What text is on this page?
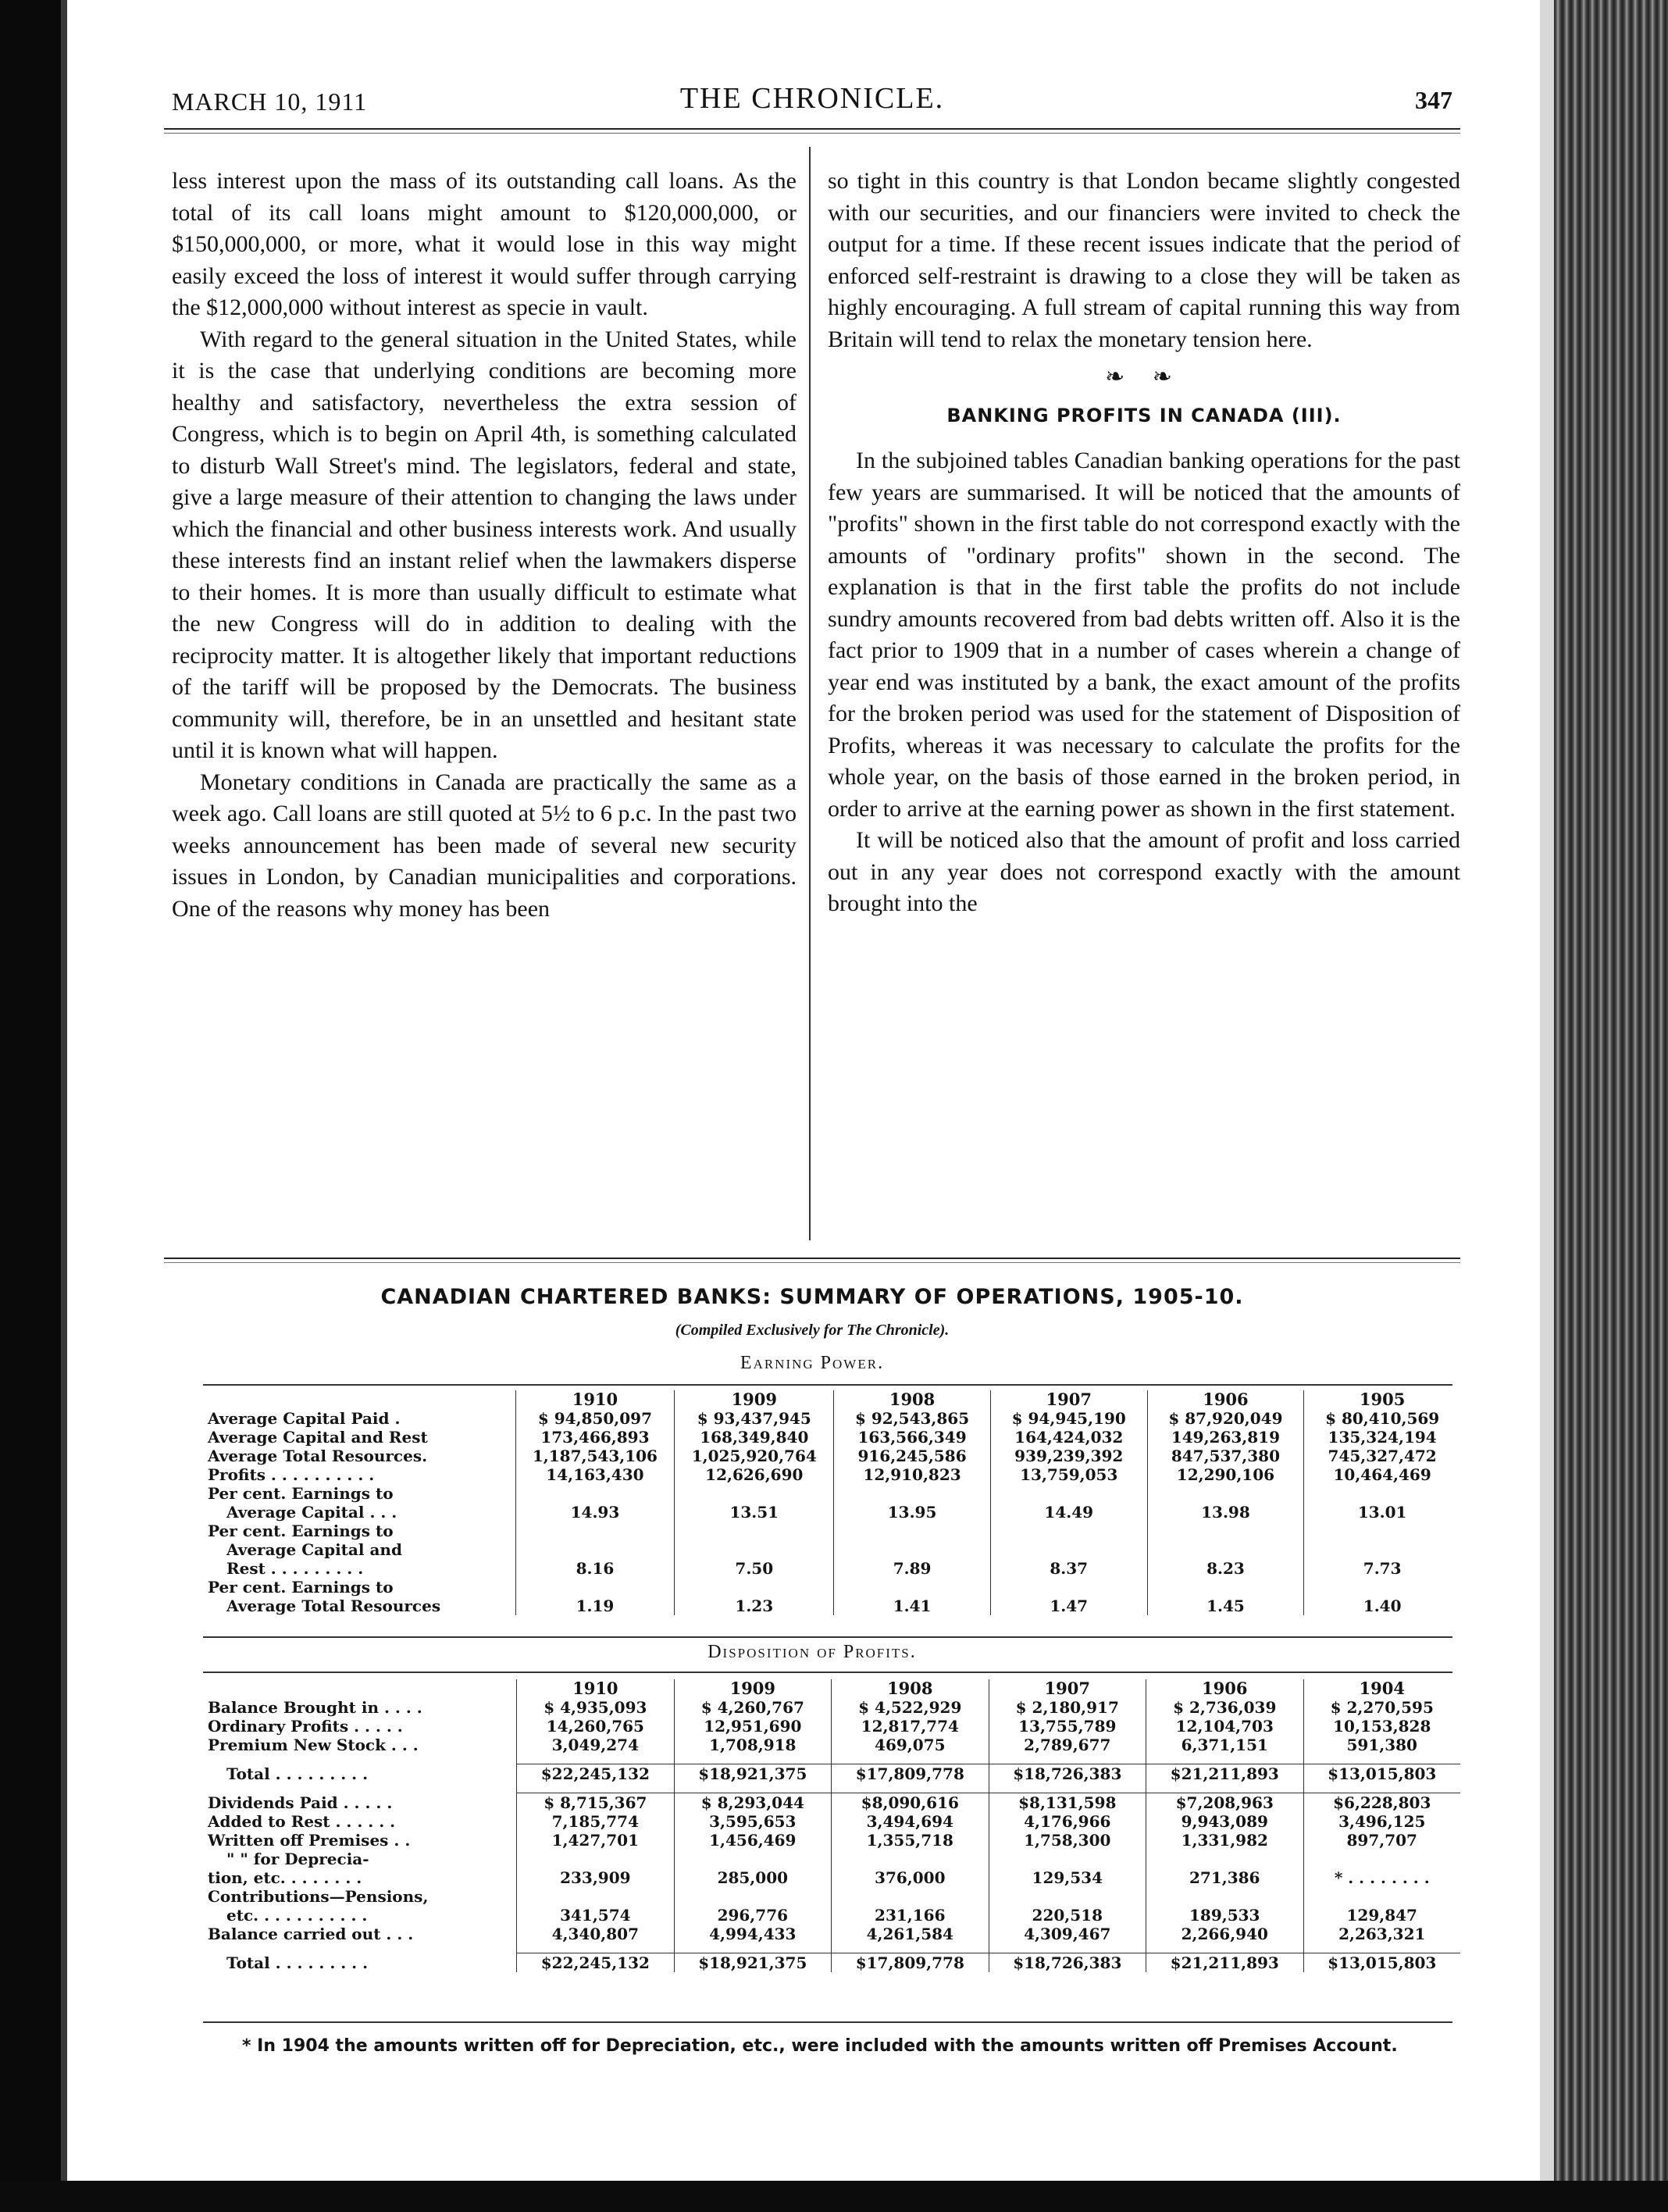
MARCH 10, 1911	THE CHRONICLE.	347

less interest upon the mass of its outstanding call loans. As the total of its call loans might amount to $120,000,000, or $150,000,000, or more, what it would lose in this way might easily exceed the loss of interest it would suffer through carrying the $12,000,000 without interest as specie in vault.

With regard to the general situation in the United States, while it is the case that underlying conditions are becoming more healthy and satisfactory, nevertheless the extra session of Congress, which is to begin on April 4th, is something calculated to disturb Wall Street's mind. The legislators, federal and state, give a large measure of their attention to changing the laws under which the financial and other business interests work. And usually these interests find an instant relief when the lawmakers disperse to their homes. It is more than usually difficult to estimate what the new Congress will do in addition to dealing with the reciprocity matter. It is altogether likely that important reductions of the tariff will be proposed by the Democrats. The business community will, therefore, be in an unsettled and hesitant state until it is known what will happen.

Monetary conditions in Canada are practically the same as a week ago. Call loans are still quoted at 5½ to 6 p.c. In the past two weeks announcement has been made of several new security issues in London, by Canadian municipalities and corporations. One of the reasons why money has been

so tight in this country is that London became slightly congested with our securities, and our financiers were invited to check the output for a time. If these recent issues indicate that the period of enforced self-restraint is drawing to a close they will be taken as highly encouraging. A full stream of capital running this way from Britain will tend to relax the monetary tension here.

❧ ❧
BANKING PROFITS IN CANADA (III).

In the subjoined tables Canadian banking operations for the past few years are summarised. It will be noticed that the amounts of "profits" shown in the first table do not correspond exactly with the amounts of "ordinary profits" shown in the second. The explanation is that in the first table the profits do not include sundry amounts recovered from bad debts written off. Also it is the fact prior to 1909 that in a number of cases wherein a change of year end was instituted by a bank, the exact amount of the profits for the broken period was used for the statement of Disposition of Profits, whereas it was necessary to calculate the profits for the whole year, on the basis of those earned in the broken period, in order to arrive at the earning power as shown in the first statement.

It will be noticed also that the amount of profit and loss carried out in any year does not correspond exactly with the amount brought into the

CANADIAN CHARTERED BANKS: SUMMARY OF OPERATIONS, 1905-10.
(Compiled Exclusively for The Chronicle).
Earning Power.
	1910	1909	1908	1907	1906	1905
Average Capital Paid .	$ 94,850,097	$ 93,437,945	$ 92,543,865	$ 94,945,190	$ 87,920,049	$ 80,410,569
Average Capital and Rest	173,466,893	168,349,840	163,566,349	164,424,032	149,263,819	135,324,194
Average Total Resources.	1,187,543,106	1,025,920,764	916,245,586	939,239,392	847,537,380	745,327,472
Profits . . . . . . . . . .	14,163,430	12,626,690	12,910,823	13,759,053	12,290,106	10,464,469
Per cent. Earnings to						
Average Capital . . .	14.93	13.51	13.95	14.49	13.98	13.01
Per cent. Earnings to						
Average Capital and						
Rest . . . . . . . . .	8.16	7.50	7.89	8.37	8.23	7.73
Per cent. Earnings to						
Average Total Resources	1.19	1.23	1.41	1.47	1.45	1.40
Disposition of Profits.
	1910	1909	1908	1907	1906	1904
Balance Brought in . . . .	$ 4,935,093	$ 4,260,767	$ 4,522,929	$ 2,180,917	$ 2,736,039	$ 2,270,595
Ordinary Profits . . . . .	14,260,765	12,951,690	12,817,774	13,755,789	12,104,703	10,153,828
Premium New Stock . . .	3,049,274	1,708,918	469,075	2,789,677	6,371,151	591,380

Total . . . . . . . . .	$22,245,132	$18,921,375	$17,809,778	$18,726,383	$21,211,893	$13,015,803

Dividends Paid . . . . .	$ 8,715,367	$ 8,293,044	$8,090,616	$8,131,598	$7,208,963	$6,228,803
Added to Rest . . . . . .	7,185,774	3,595,653	3,494,694	4,176,966	9,943,089	3,496,125
Written off Premises . .	1,427,701	1,456,469	1,355,718	1,758,300	1,331,982	897,707
" " for Deprecia-						
tion, etc. . . . . . . .	233,909	285,000	376,000	129,534	271,386	* . . . . . . . .
Contributions—Pensions,						
etc. . . . . . . . . . .	341,574	296,776	231,166	220,518	189,533	129,847
Balance carried out . . .	4,340,807	4,994,433	4,261,584	4,309,467	2,266,940	2,263,321

Total . . . . . . . . .	$22,245,132	$18,921,375	$17,809,778	$18,726,383	$21,211,893	$13,015,803
* In 1904 the amounts written off for Depreciation, etc., were included with the amounts written off Premises Account.
